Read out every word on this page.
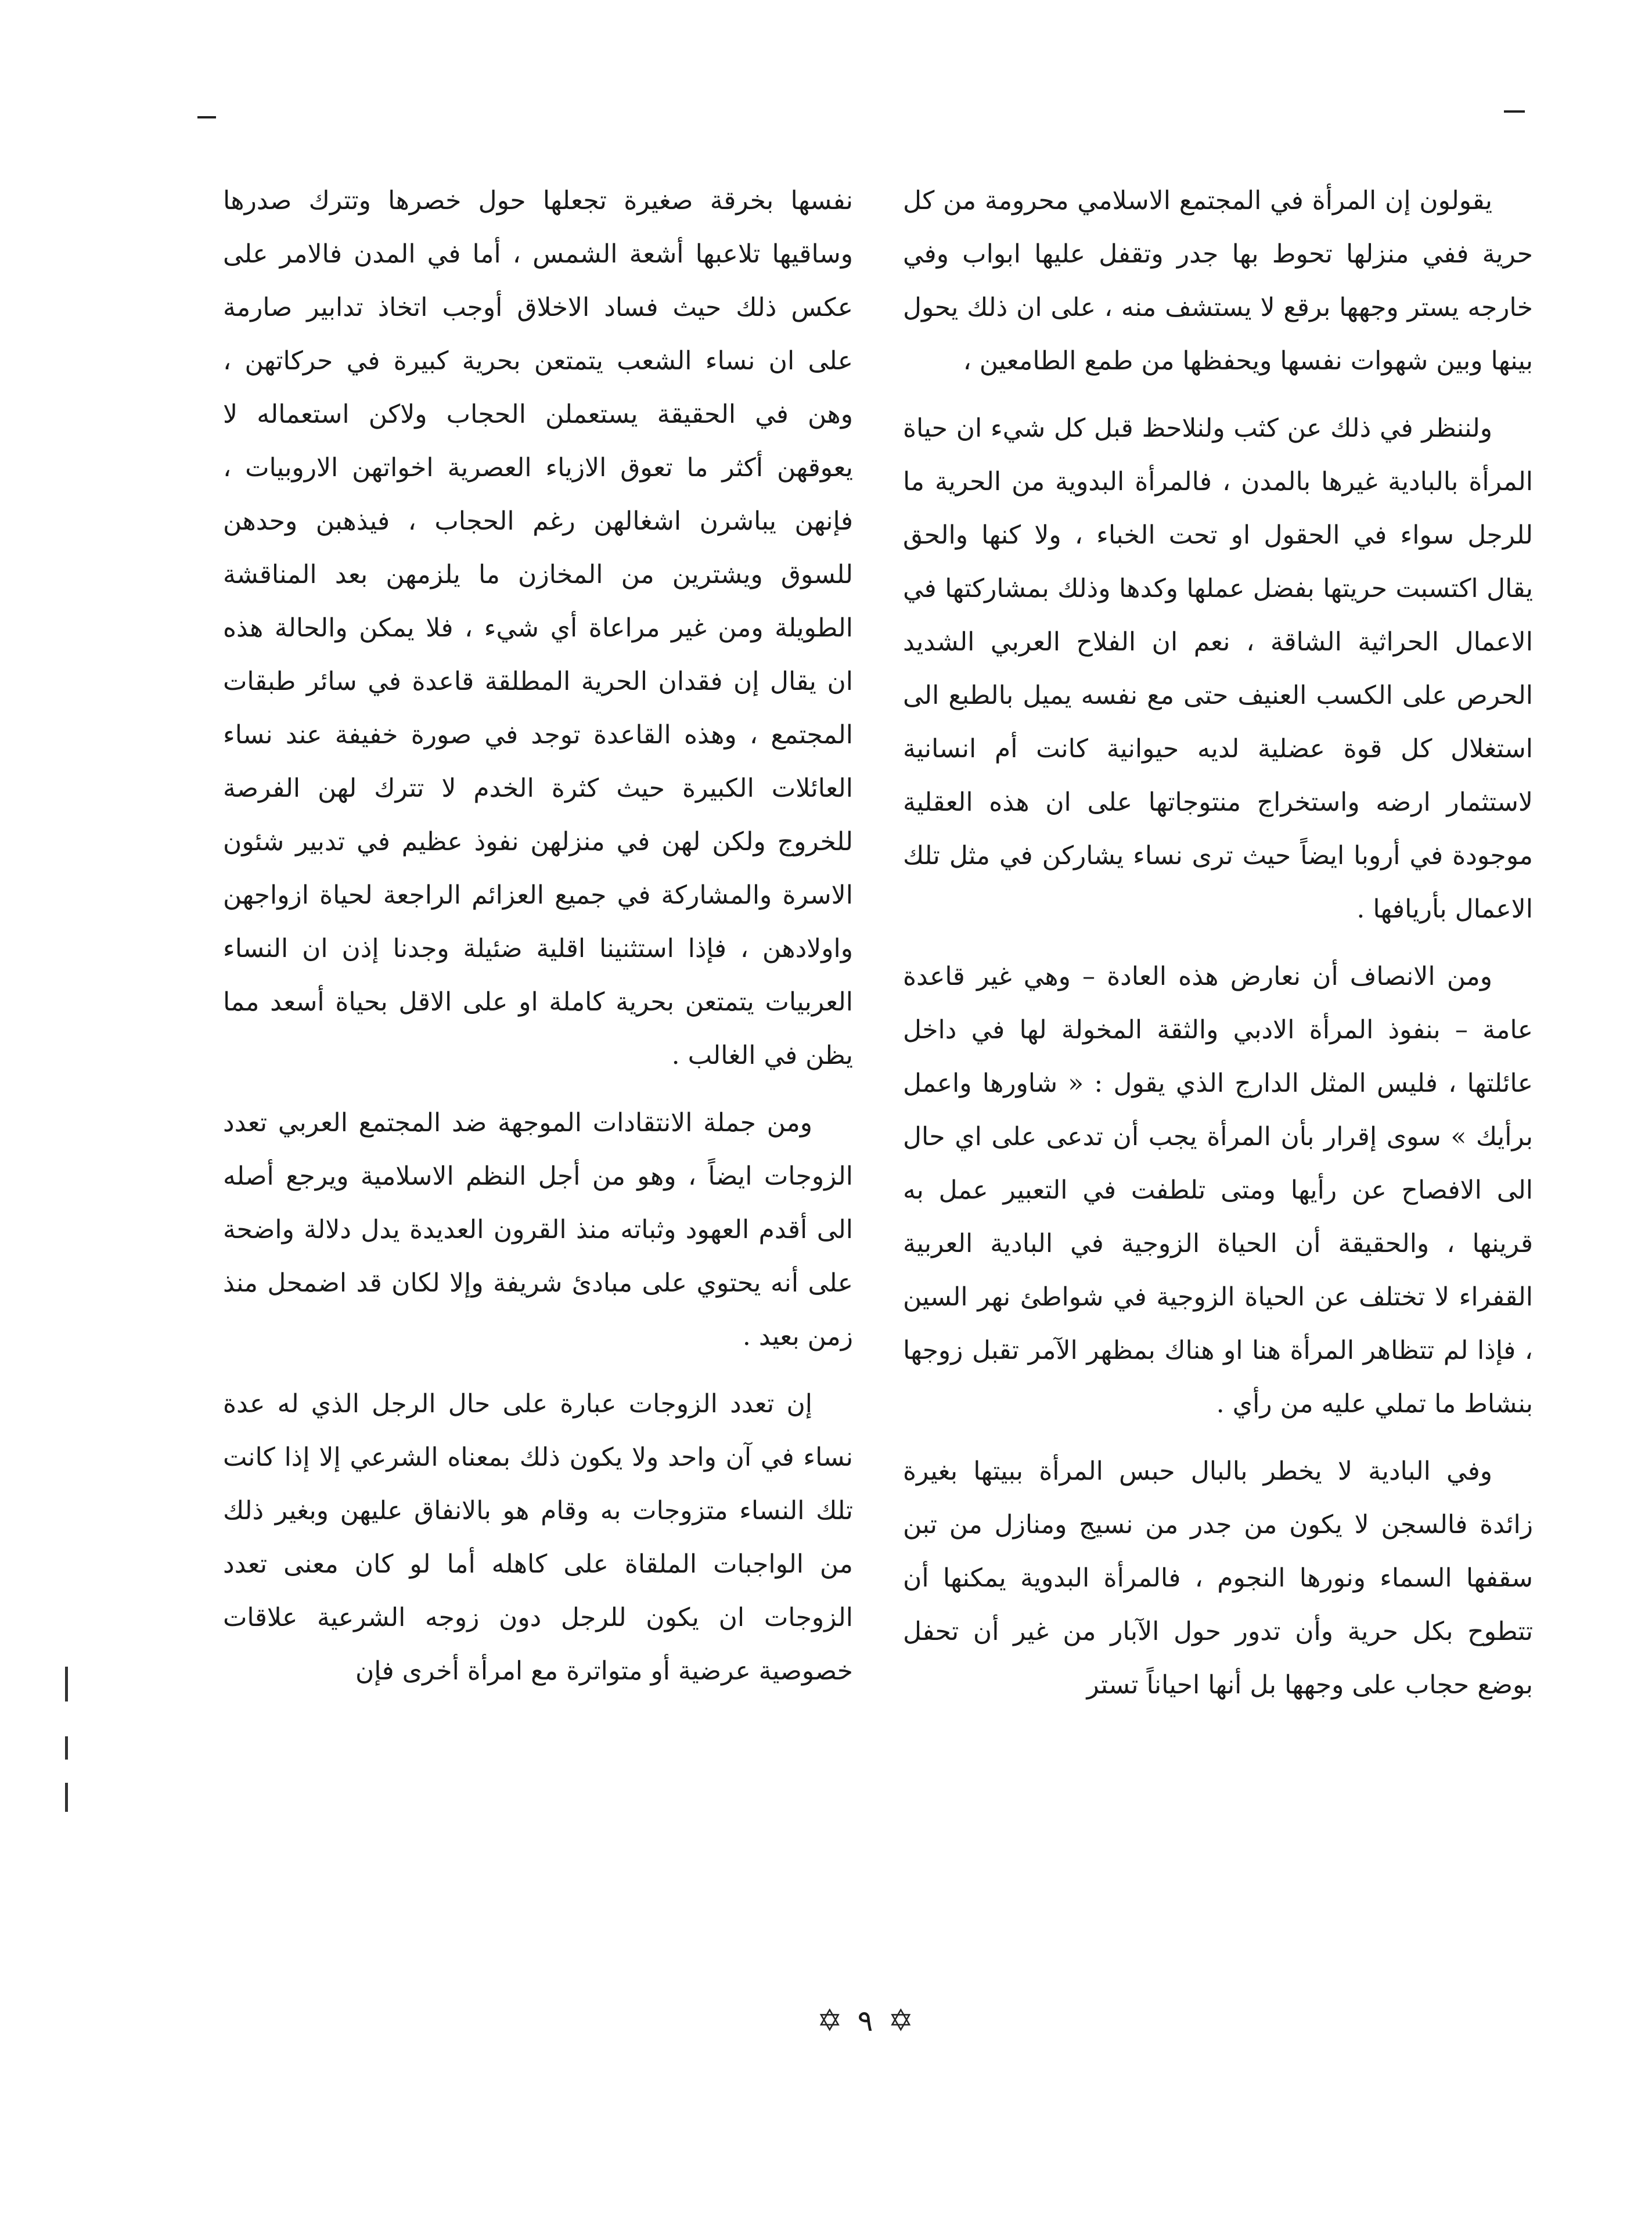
يقولون إن المرأة في المجتمع الاسلامي محرومة من كل حرية ففي منزلها تحوط بها جدر وتقفل عليها ابواب وفي خارجه يستر وجهها برقع لا يستشف منه ، على ان ذلك يحول بينها وبين شهوات نفسها ويحفظها من طمع الطامعين ،

ولننظر في ذلك عن كثب ولنلاحظ قبل كل شيء ان حياة المرأة بالبادية غيرها بالمدن ، فالمرأة البدوية من الحرية ما للرجل سواء في الحقول او تحت الخباء ، ولا كنها والحق يقال اكتسبت حريتها بفضل عملها وكدها وذلك بمشاركتها في الاعمال الحراثية الشاقة ، نعم ان الفلاح العربي الشديد الحرص على الكسب العنيف حتى مع نفسه يميل بالطبع الى استغلال كل قوة عضلية لديه حيوانية كانت أم انسانية لاستثمار ارضه واستخراج منتوجاتها على ان هذه العقلية موجودة في أروبا ايضاً حيث ترى نساء يشاركن في مثل تلك الاعمال بأريافها .

ومن الانصاف أن نعارض هذه العادة – وهي غير قاعدة عامة – بنفوذ المرأة الادبي والثقة المخولة لها في داخل عائلتها ، فليس المثل الدارج الذي يقول : « شاورها واعمل برأيك » سوى إقرار بأن المرأة يجب أن تدعى على اي حال الى الافصاح عن رأيها ومتى تلطفت في التعبير عمل به قرينها ، والحقيقة أن الحياة الزوجية في البادية العربية القفراء لا تختلف عن الحياة الزوجية في شواطئ نهر السين ، فإذا لم تتظاهر المرأة هنا او هناك بمظهر الآمر تقبل زوجها بنشاط ما تملي عليه من رأي .

وفي البادية لا يخطر بالبال حبس المرأة ببيتها بغيرة زائدة فالسجن لا يكون من جدر من نسيج ومنازل من تبن سقفها السماء ونورها النجوم ، فالمرأة البدوية يمكنها أن تتطوح بكل حرية وأن تدور حول الآبار من غير أن تحفل بوضع حجاب على وجهها بل أنها احياناً تستر

نفسها بخرقة صغيرة تجعلها حول خصرها وتترك صدرها وساقيها تلاعبها أشعة الشمس ، أما في المدن فالامر على عكس ذلك حيث فساد الاخلاق أوجب اتخاذ تدابير صارمة على ان نساء الشعب يتمتعن بحرية كبيرة في حركاتهن ، وهن في الحقيقة يستعملن الحجاب ولاكن استعماله لا يعوقهن أكثر ما تعوق الازياء العصرية اخواتهن الاروبيات ، فإنهن يباشرن اشغالهن رغم الحجاب ، فيذهبن وحدهن للسوق ويشترين من المخازن ما يلزمهن بعد المناقشة الطويلة ومن غير مراعاة أي شيء ، فلا يمكن والحالة هذه ان يقال إن فقدان الحرية المطلقة قاعدة في سائر طبقات المجتمع ، وهذه القاعدة توجد في صورة خفيفة عند نساء العائلات الكبيرة حيث كثرة الخدم لا تترك لهن الفرصة للخروج ولكن لهن في منزلهن نفوذ عظيم في تدبير شئون الاسرة والمشاركة في جميع العزائم الراجعة لحياة ازواجهن واولادهن ، فإذا استثنينا اقلية ضئيلة وجدنا إذن ان النساء العربيات يتمتعن بحرية كاملة او على الاقل بحياة أسعد مما يظن في الغالب .

ومن جملة الانتقادات الموجهة ضد المجتمع العربي تعدد الزوجات ايضاً ، وهو من أجل النظم الاسلامية ويرجع أصله الى أقدم العهود وثباته منذ القرون العديدة يدل دلالة واضحة على أنه يحتوي على مبادئ شريفة وإلا لكان قد اضمحل منذ زمن بعيد .

إن تعدد الزوجات عبارة على حال الرجل الذي له عدة نساء في آن واحد ولا يكون ذلك بمعناه الشرعي إلا إذا كانت تلك النساء متزوجات به وقام هو بالانفاق عليهن وبغير ذلك من الواجبات الملقاة على كاهله أما لو كان معنى تعدد الزوجات ان يكون للرجل دون زوجه الشرعية علاقات خصوصية عرضية أو متواترة مع امرأة أخرى فإن

✡
٩
✡
